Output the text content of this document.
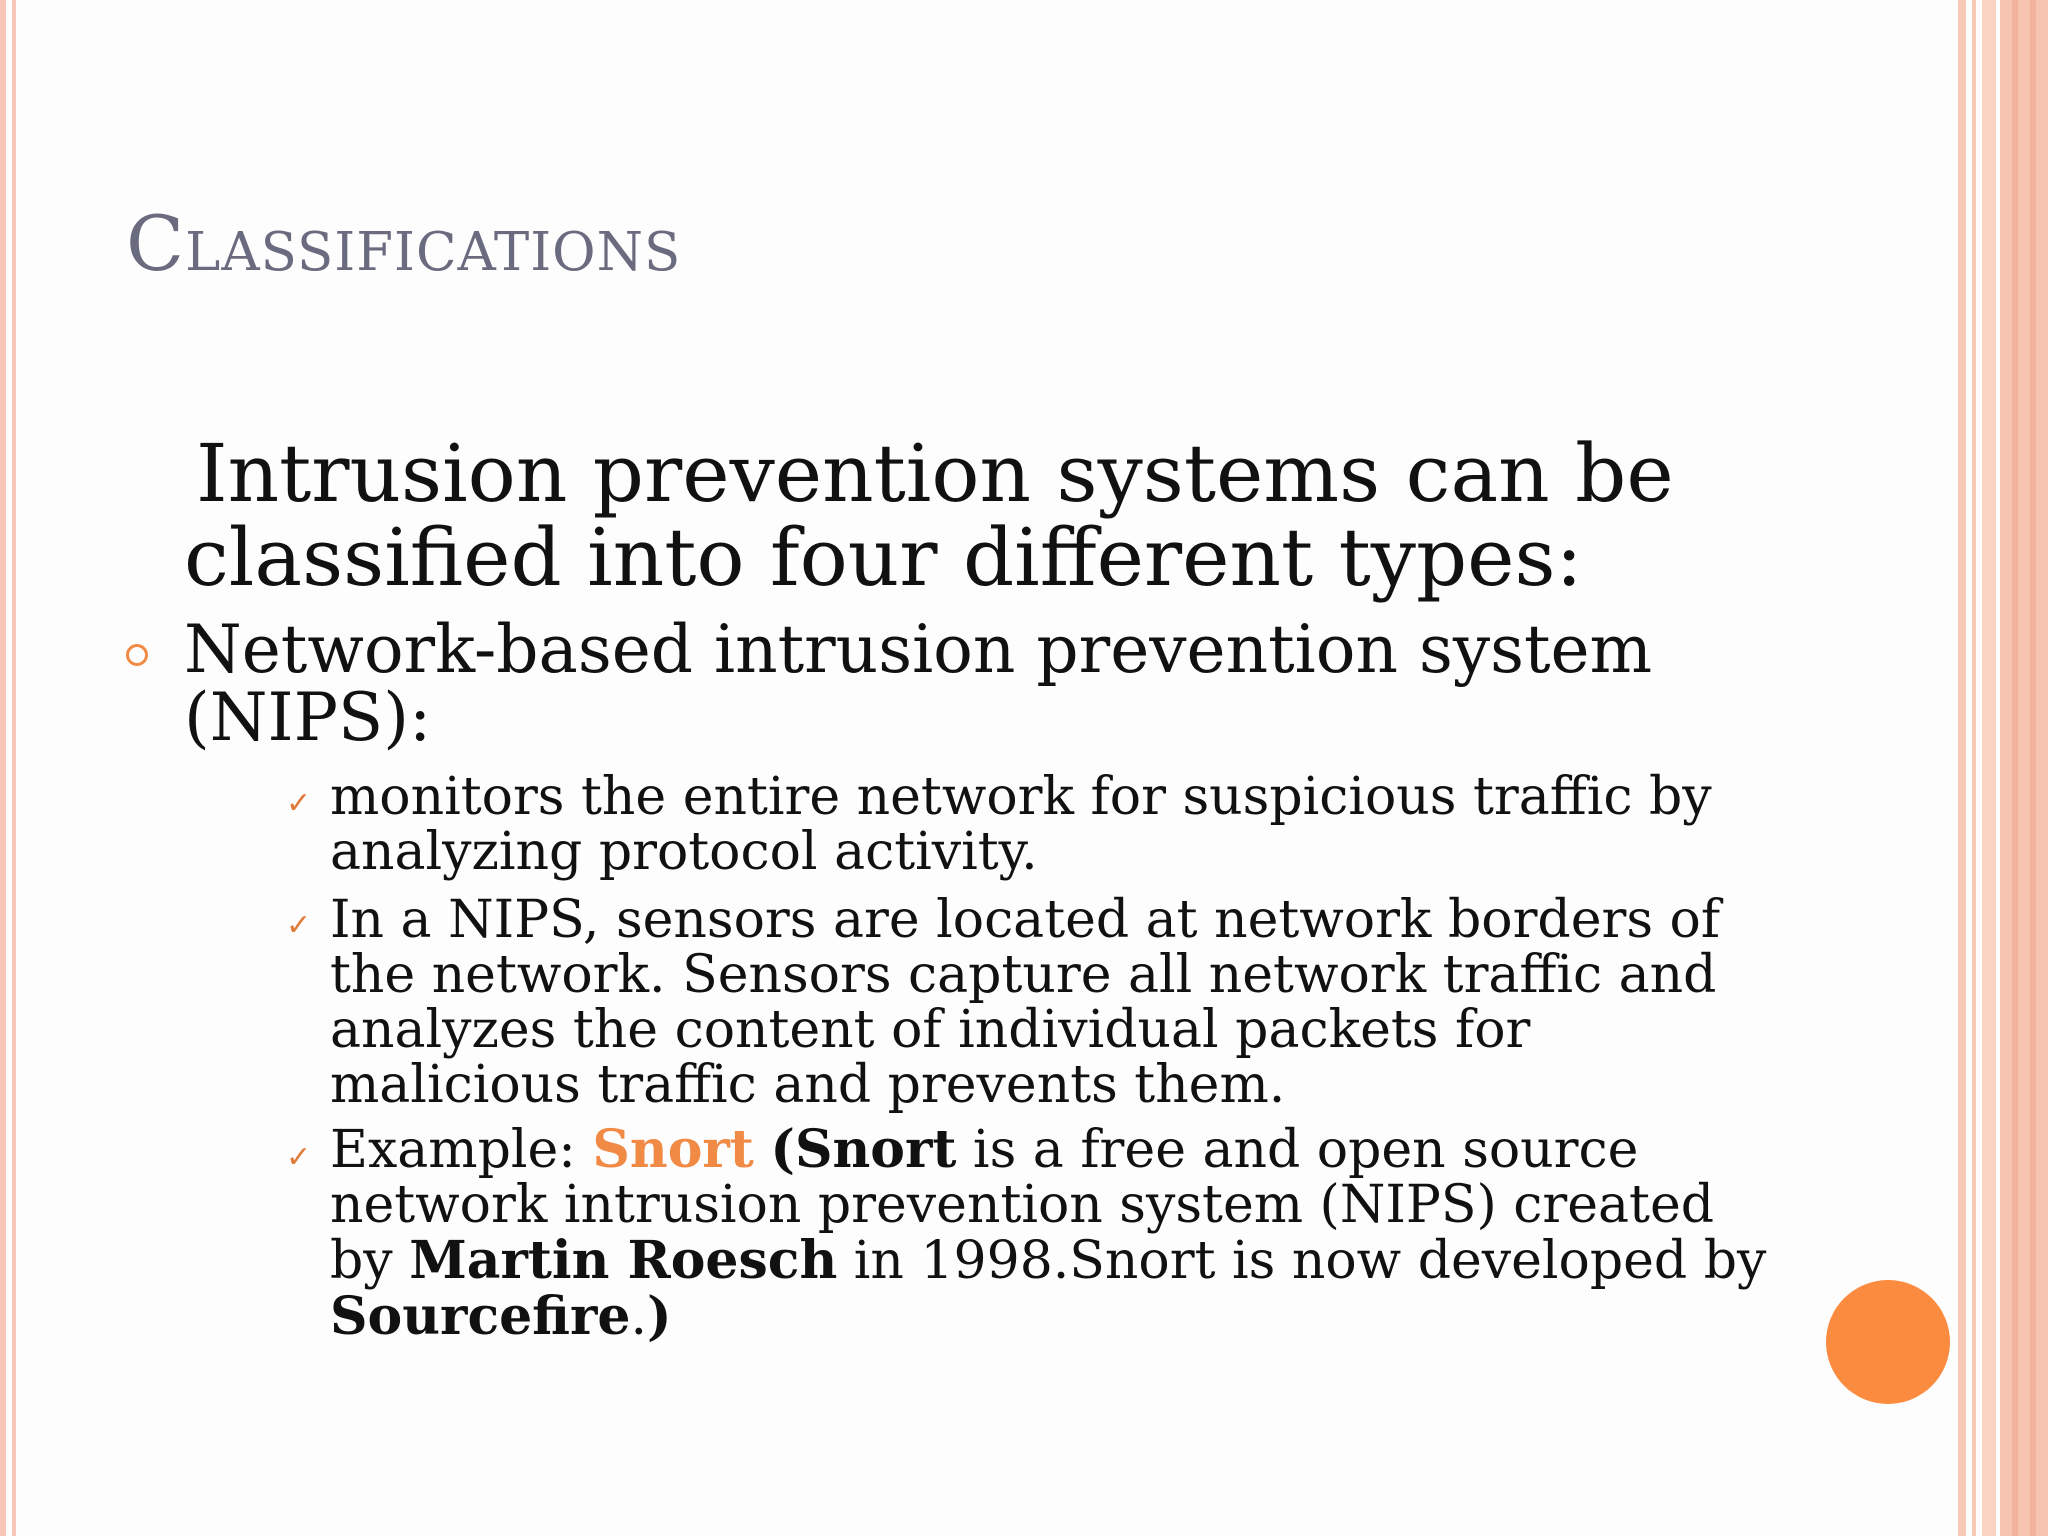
Classifications

Intrusion prevention systems can be classified into four different types:

Network-based intrusion prevention system (NIPS):

✓ monitors the entire network for suspicious traffic by analyzing protocol activity.

✓ In a NIPS, sensors are located at network borders of the network. Sensors capture all network traffic and analyzes the content of individual packets for malicious traffic and prevents them.

✓ Example: Snort (Snort is a free and open source network intrusion prevention system (NIPS) created by Martin Roesch in 1998.Snort is now developed by Sourcefire.)
